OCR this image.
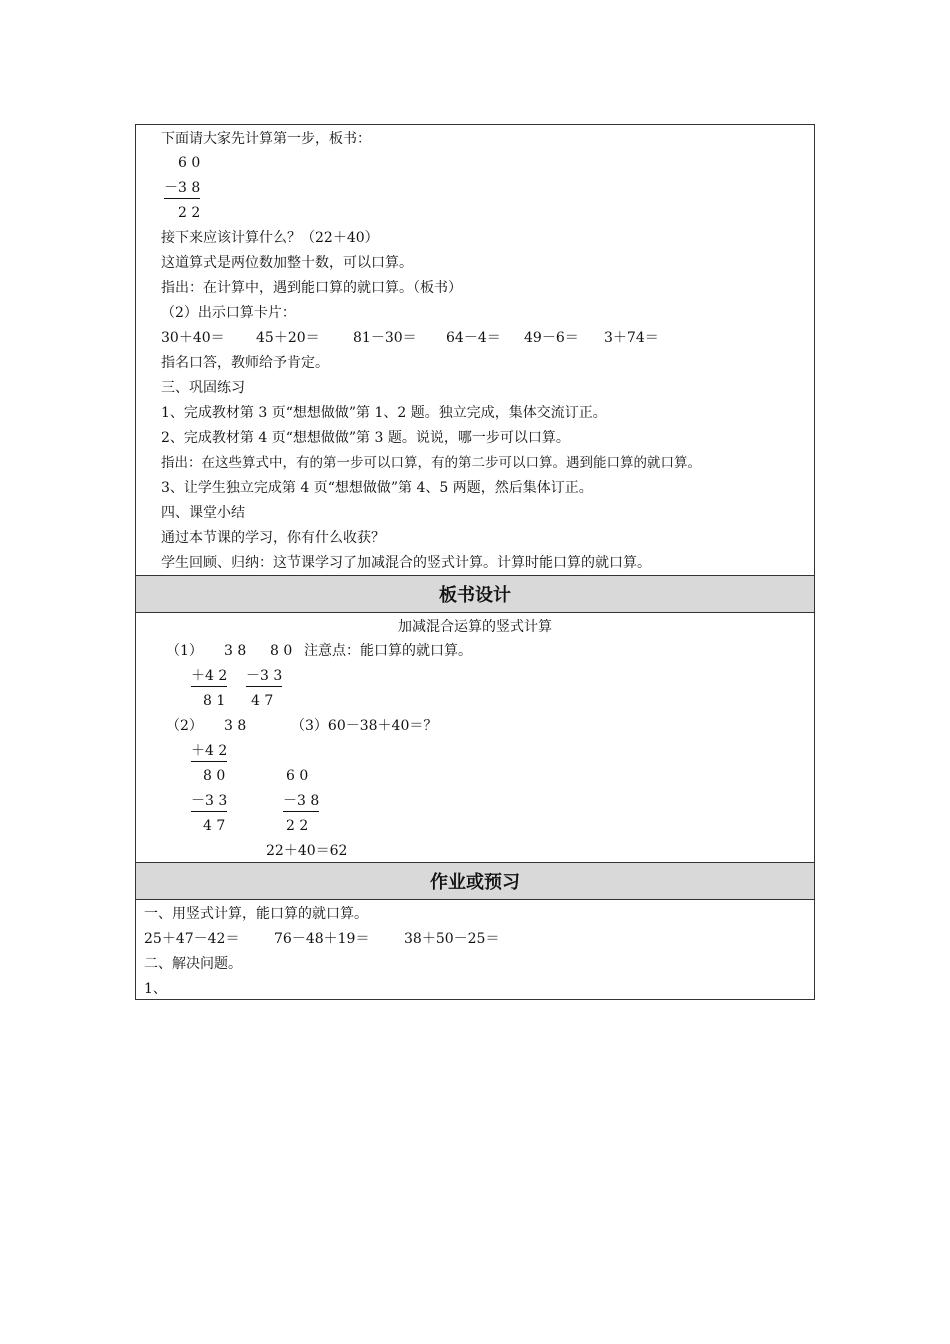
下面请大家先计算第一步，板书：
6 0
－3 8
2 2
接下来应该计算什么？（22＋40）
这道算式是两位数加整十数，可以口算。
指出：在计算中，遇到能口算的就口算。（板书）
（2）出示口算卡片：
30＋40＝ 45＋20＝ 81－30＝ 64－4＝ 49－6＝ 3＋74＝
指名口答，教师给予肯定。
三、巩固练习
1、完成教材第 3 页“想想做做”第 1、2 题。独立完成，集体交流订正。
2、完成教材第 4 页“想想做做”第 3 题。说说，哪一步可以口算。
指出：在这些算式中，有的第一步可以口算，有的第二步可以口算。遇到能口算的就口算。
3、让学生独立完成第 4 页“想想做做”第 4、5 两题，然后集体订正。
四、课堂小结
通过本节课的学习，你有什么收获？
学生回顾、归纳：这节课学习了加减混合的竖式计算。计算时能口算的就口算。
板书设计
加减混合运算的竖式计算
（1） 3 8 8 0 注意点：能口算的就口算。
＋4 2 －3 3
8 1 4 7
（2） 3 8	（3）60－38＋40＝？
＋4 2
8 0	6 0
－3 3	－3 8
4 7	2 2
22＋40＝62
作业或预习
一、用竖式计算，能口算的就口算。
25＋47－42＝ 76－48＋19＝ 38＋50－25＝
二、解决问题。
1、
